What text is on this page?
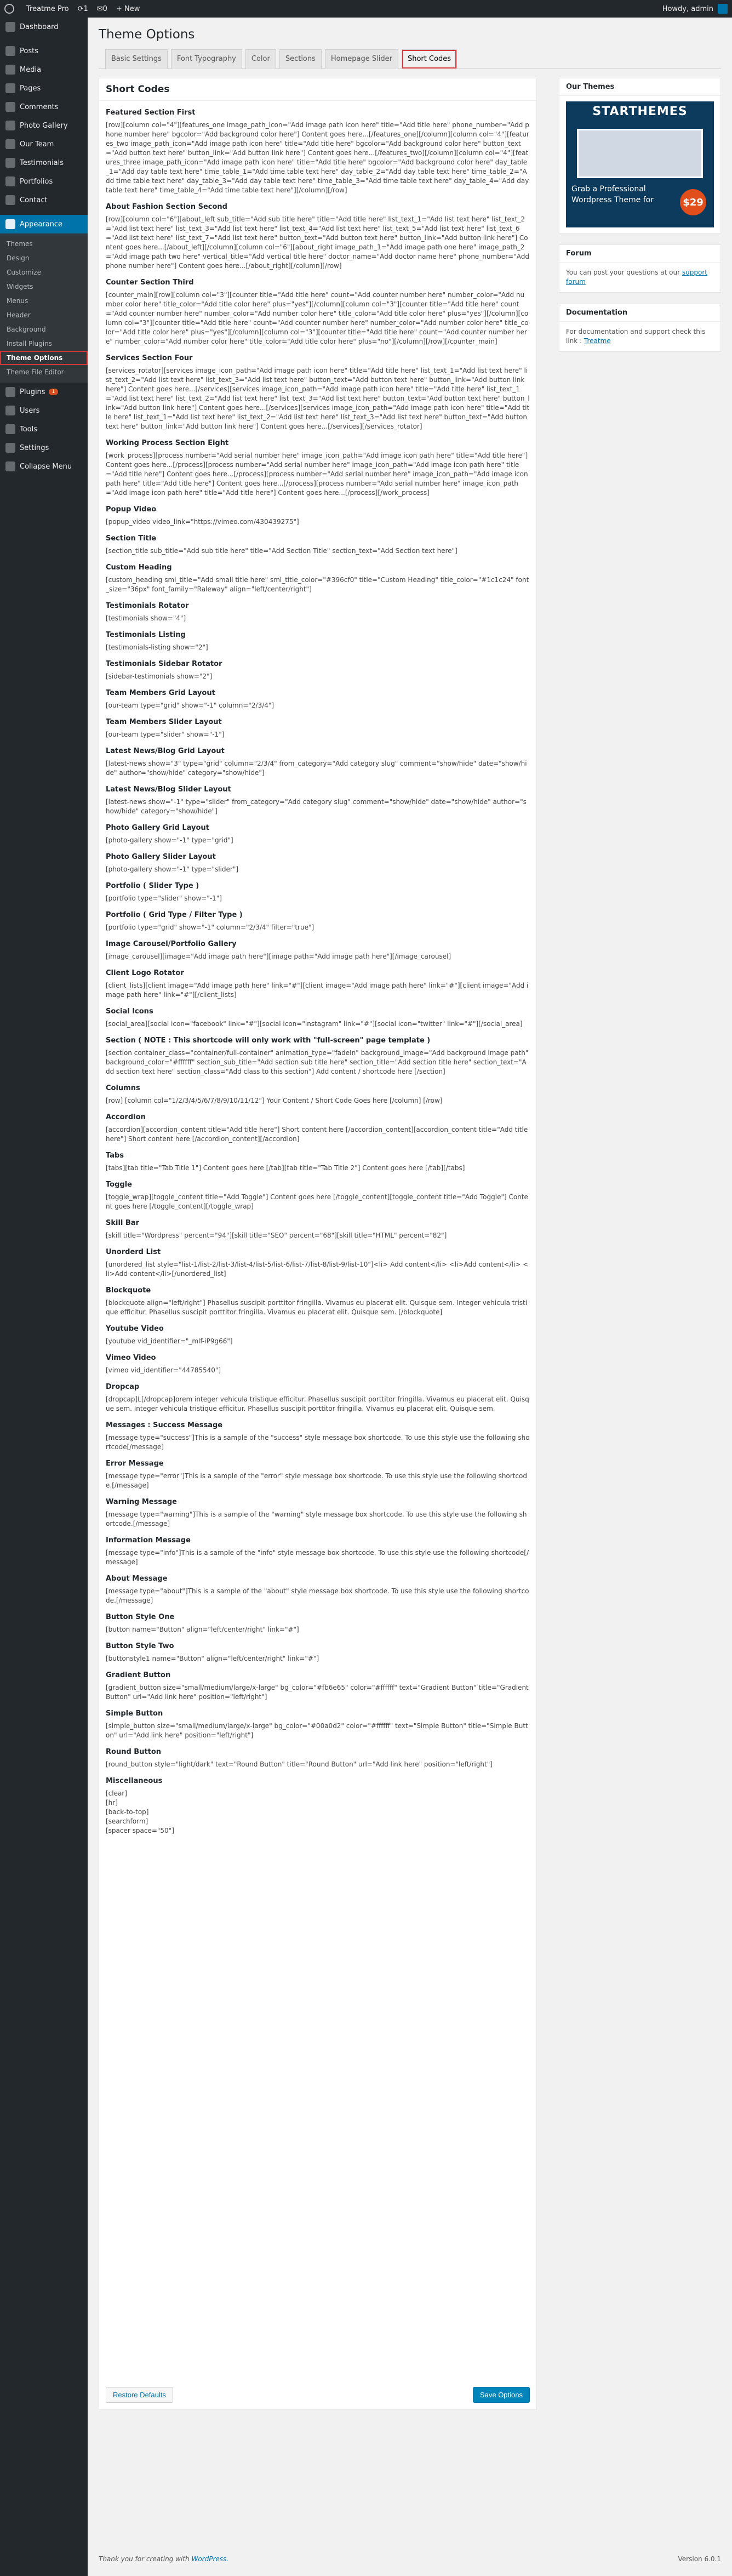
Treatme Pro ⟳ 1 ✉ 0 + New	Howdy, admin
Dashboard
Posts
Media
Pages
Comments
Photo Gallery
Our Team
Testimonials
Portfolios
Contact
Appearance
Themes
Design
Customize
Widgets
Menus
Header
Background
Install Plugins
Theme Options
Theme File Editor
Plugins	1
Users
Tools
Settings
Collapse Menu
Theme Options
Basic Settings	Font Typography	Color	Sections	Homepage Slider	Short Codes
Short Codes
Featured Section First
[row][column col="4"][features_one image_path_icon="Add image path icon here" title="Add title here" phone_number="Add phone number here" bgcolor="Add background color here"] Content goes here...[/features_one][/column][column col="4"][features_two image_path_icon="Add image path icon here" title="Add title here" bgcolor="Add background color here" button_text="Add button text here" button_link="Add button link here"] Content goes here...[/features_two][/column][column col="4"][features_three image_path_icon="Add image path icon here" title="Add title here" bgcolor="Add background color here" day_table_1="Add day table text here" time_table_1="Add time table text here" day_table_2="Add day table text here" time_table_2="Add time table text here" day_table_3="Add day table text here" time_table_3="Add time table text here" day_table_4="Add day table text here" time_table_4="Add time table text here"][/column][/row]
About Fashion Section Second
[row][column col="6"][about_left sub_title="Add sub title here" title="Add title here" list_text_1="Add list text here" list_text_2="Add list text here" list_text_3="Add list text here" list_text_4="Add list text here" list_text_5="Add list text here" list_text_6="Add list text here" list_text_7="Add list text here" button_text="Add button text here" button_link="Add button link here"] Content goes here...[/about_left][/column][column col="6"][about_right image_path_1="Add image path one here" image_path_2="Add image path two here" vertical_title="Add vertical title here" doctor_name="Add doctor name here" phone_number="Add phone number here"] Content goes here...[/about_right][/column][/row]
Counter Section Third
[counter_main][row][column col="3"][counter title="Add title here" count="Add counter number here" number_color="Add number color here" title_color="Add title color here" plus="yes"][/column][column col="3"][counter title="Add title here" count="Add counter number here" number_color="Add number color here" title_color="Add title color here" plus="yes"][/column][column col="3"][counter title="Add title here" count="Add counter number here" number_color="Add number color here" title_color="Add title color here" plus="yes"][/column][column col="3"][counter title="Add title here" count="Add counter number here" number_color="Add number color here" title_color="Add title color here" plus="no"][/column][/row][/counter_main]
Services Section Four
[services_rotator][services image_icon_path="Add image path icon here" title="Add title here" list_text_1="Add list text here" list_text_2="Add list text here" list_text_3="Add list text here" button_text="Add button text here" button_link="Add button link here"] Content goes here...[/services][services image_icon_path="Add image path icon here" title="Add title here" list_text_1="Add list text here" list_text_2="Add list text here" list_text_3="Add list text here" button_text="Add button text here" button_link="Add button link here"] Content goes here...[/services][services image_icon_path="Add image path icon here" title="Add title here" list_text_1="Add list text here" list_text_2="Add list text here" list_text_3="Add list text here" button_text="Add button text here" button_link="Add button link here"] Content goes here...[/services][/services_rotator]
Working Process Section Eight
[work_process][process number="Add serial number here" image_icon_path="Add image icon path here" title="Add title here"] Content goes here...[/process][process number="Add serial number here" image_icon_path="Add image icon path here" title="Add title here"] Content goes here...[/process][process number="Add serial number here" image_icon_path="Add image icon path here" title="Add title here"] Content goes here...[/process][process number="Add serial number here" image_icon_path="Add image icon path here" title="Add title here"] Content goes here...[/process][/work_process]
Popup Video
[popup_video video_link="https://vimeo.com/430439275"]
Section Title
[section_title sub_title="Add sub title here" title="Add Section Title" section_text="Add Section text here"]
Custom Heading
[custom_heading sml_title="Add small title here" sml_title_color="#396cf0" title="Custom Heading" title_color="#1c1c24" font_size="36px" font_family="Raleway" align="left/center/right"]
Testimonials Rotator
[testimonials show="4"]
Testimonials Listing
[testimonials-listing show="2"]
Testimonials Sidebar Rotator
[sidebar-testimonials show="2"]
Team Members Grid Layout
[our-team type="grid" show="-1" column="2/3/4"]
Team Members Slider Layout
[our-team type="slider" show="-1"]
Latest News/Blog Grid Layout
[latest-news show="3" type="grid" column="2/3/4" from_category="Add category slug" comment="show/hide" date="show/hide" author="show/hide" category="show/hide"]
Latest News/Blog Slider Layout
[latest-news show="-1" type="slider" from_category="Add category slug" comment="show/hide" date="show/hide" author="show/hide" category="show/hide"]
Photo Gallery Grid Layout
[photo-gallery show="-1" type="grid"]
Photo Gallery Slider Layout
[photo-gallery show="-1" type="slider"]
Portfolio ( Slider Type )
[portfolio type="slider" show="-1"]
Portfolio ( Grid Type / Filter Type )
[portfolio type="grid" show="-1" column="2/3/4" filter="true"]
Image Carousel/Portfolio Gallery
[image_carousel][image="Add image path here"][image path="Add image path here"][/image_carousel]
Client Logo Rotator
[client_lists][client image="Add image path here" link="#"][client image="Add image path here" link="#"][client image="Add image path here" link="#"][/client_lists]
Social Icons
[social_area][social icon="facebook" link="#"][social icon="instagram" link="#"][social icon="twitter" link="#"][/social_area]
Section ( NOTE : This shortcode will only work with "full-screen" page template )
[section container_class="container/full-container" animation_type="fadeIn" background_image="Add background image path" background_color="#ffffff" section_sub_title="Add section sub title here" section_title="Add section title here" section_text="Add section text here" section_class="Add class to this section"] Add content / shortcode here [/section]
Columns
[row] [column col="1/2/3/4/5/6/7/8/9/10/11/12"] Your Content / Short Code Goes here [/column] [/row]
Accordion
[accordion][accordion_content title="Add title here"] Short content here [/accordion_content][accordion_content title="Add title here"] Short content here [/accordion_content][/accordion]
Tabs
[tabs][tab title="Tab Title 1"] Content goes here [/tab][tab title="Tab Title 2"] Content goes here [/tab][/tabs]
Toggle
[toggle_wrap][toggle_content title="Add Toggle"] Content goes here [/toggle_content][toggle_content title="Add Toggle"] Content goes here [/toggle_content][/toggle_wrap]
Skill Bar
[skill title="Wordpress" percent="94"][skill title="SEO" percent="68"][skill title="HTML" percent="82"]
Unorderd List
[unordered_list style="list-1/list-2/list-3/list-4/list-5/list-6/list-7/list-8/list-9/list-10"]<li> Add content</li> <li>Add content</li> <li>Add content</li>[/unordered_list]
Blockquote
[blockquote align="left/right"] Phasellus suscipit porttitor fringilla. Vivamus eu placerat elit. Quisque sem. Integer vehicula tristique efficitur. Phasellus suscipit porttitor fringilla. Vivamus eu placerat elit. Quisque sem. [/blockquote]
Youtube Video
[youtube vid_identifier="_mlf-iP9g66"]
Vimeo Video
[vimeo vid_identifier="44785540"]
Dropcap
[dropcap]L[/dropcap]orem integer vehicula tristique efficitur. Phasellus suscipit porttitor fringilla. Vivamus eu placerat elit. Quisque sem. Integer vehicula tristique efficitur. Phasellus suscipit porttitor fringilla. Vivamus eu placerat elit. Quisque sem.
Messages : Success Message
[message type="success"]This is a sample of the "success" style message box shortcode. To use this style use the following shortcode[/message]
Error Message
[message type="error"]This is a sample of the "error" style message box shortcode. To use this style use the following shortcode.[/message]
Warning Message
[message type="warning"]This is a sample of the "warning" style message box shortcode. To use this style use the following shortcode.[/message]
Information Message
[message type="info"]This is a sample of the "info" style message box shortcode. To use this style use the following shortcode[/message]
About Message
[message type="about"]This is a sample of the "about" style message box shortcode. To use this style use the following shortcode.[/message]
Button Style One
[button name="Button" align="left/center/right" link="#"]
Button Style Two
[buttonstyle1 name="Button" align="left/center/right" link="#"]
Gradient Button
[gradient_button size="small/medium/large/x-large" bg_color="#fb6e65" color="#ffffff" text="Gradient Button" title="Gradient Button" url="Add link here" position="left/right"]
Simple Button
[simple_button size="small/medium/large/x-large" bg_color="#00a0d2" color="#ffffff" text="Simple Button" title="Simple Button" url="Add link here" position="left/right"]
Round Button
[round_button style="light/dark" text="Round Button" title="Round Button" url="Add link here" position="left/right"]
Miscellaneous
[clear]
[hr]
[back-to-top]
[searchform]
[spacer space="50"]
Restore Defaults	Save Options
Our Themes
STARTHEMES
Grab a Professional Wordpress Theme for	$29
Forum
You can post your questions at our support forum
Documentation
For documentation and support check this link : Treatme
Thank you for creating with WordPress.	Version 6.0.1
